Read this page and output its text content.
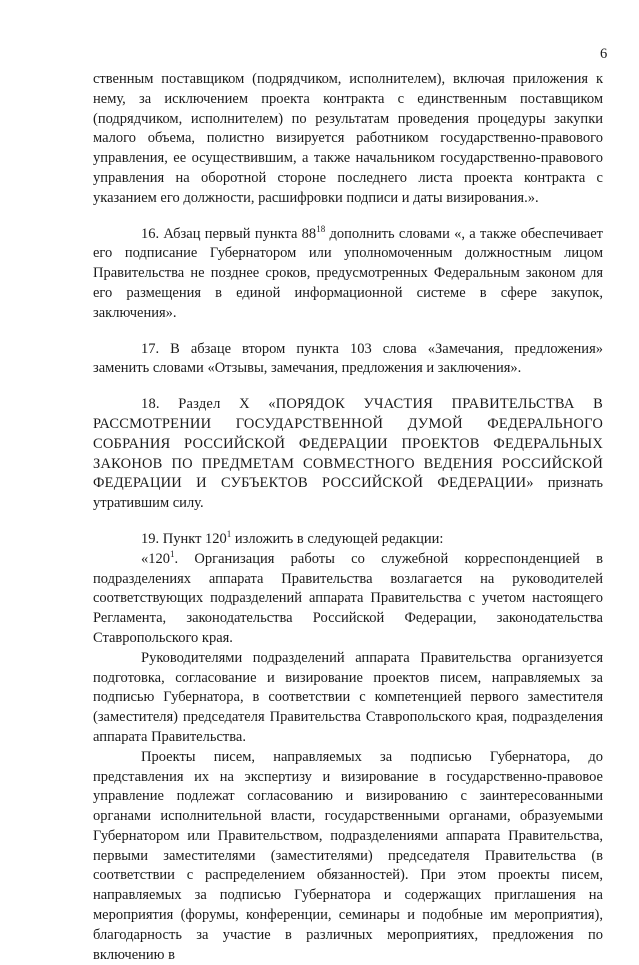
6

ственным поставщиком (подрядчиком, исполнителем), включая приложения к нему, за исключением проекта контракта с единственным поставщиком (подрядчиком, исполнителем) по результатам проведения процедуры закупки малого объема, полистно визируется работником государственно-правового управления, ее осуществившим, а также начальником государственно-правового управления на оборотной стороне последнего листа проекта контракта с указанием его должности, расшифровки подписи и даты визирования.».

16. Абзац первый пункта $88^{18}$ дополнить словами «, а также обеспечивает его подписание Губернатором или уполномоченным должностным лицом Правительства не позднее сроков, предусмотренных Федеральным законом для его размещения в единой информационной системе в сфере закупок, заключения».

17. В абзаце втором пункта 103 слова «Замечания, предложения» заменить словами «Отзывы, замечания, предложения и заключения».

18. Раздел X «ПОРЯДОК УЧАСТИЯ ПРАВИТЕЛЬСТВА В РАССМОТРЕНИИ ГОСУДАРСТВЕННОЙ ДУМОЙ ФЕДЕРАЛЬНОГО СОБРАНИЯ РОССИЙСКОЙ ФЕДЕРАЦИИ ПРОЕКТОВ ФЕДЕРАЛЬНЫХ ЗАКОНОВ ПО ПРЕДМЕТАМ СОВМЕСТНОГО ВЕДЕНИЯ РОССИЙСКОЙ ФЕДЕРАЦИИ И СУБЪЕКТОВ РОССИЙСКОЙ ФЕДЕРАЦИИ» признать утратившим силу.

19. Пункт $120^1$ изложить в следующей редакции:

«$120^1$. Организация работы со служебной корреспонденцией в подразделениях аппарата Правительства возлагается на руководителей соответствующих подразделений аппарата Правительства с учетом настоящего Регламента, законодательства Российской Федерации, законодательства Ставропольского края.

Руководителями подразделений аппарата Правительства организуется подготовка, согласование и визирование проектов писем, направляемых за подписью Губернатора, в соответствии с компетенцией первого заместителя (заместителя) председателя Правительства Ставропольского края, подразделения аппарата Правительства.

Проекты писем, направляемых за подписью Губернатора, до представления их на экспертизу и визирование в государственно-правовое управление подлежат согласованию и визированию с заинтересованными органами исполнительной власти, государственными органами, образуемыми Губернатором или Правительством, подразделениями аппарата Правительства, первыми заместителями (заместителями) председателя Правительства (в соответствии с распределением обязанностей). При этом проекты писем, направляемых за подписью Губернатора и содержащих приглашения на мероприятия (форумы, конференции, семинары и подобные им мероприятия), благодарность за участие в различных мероприятиях, предложения по включению в
